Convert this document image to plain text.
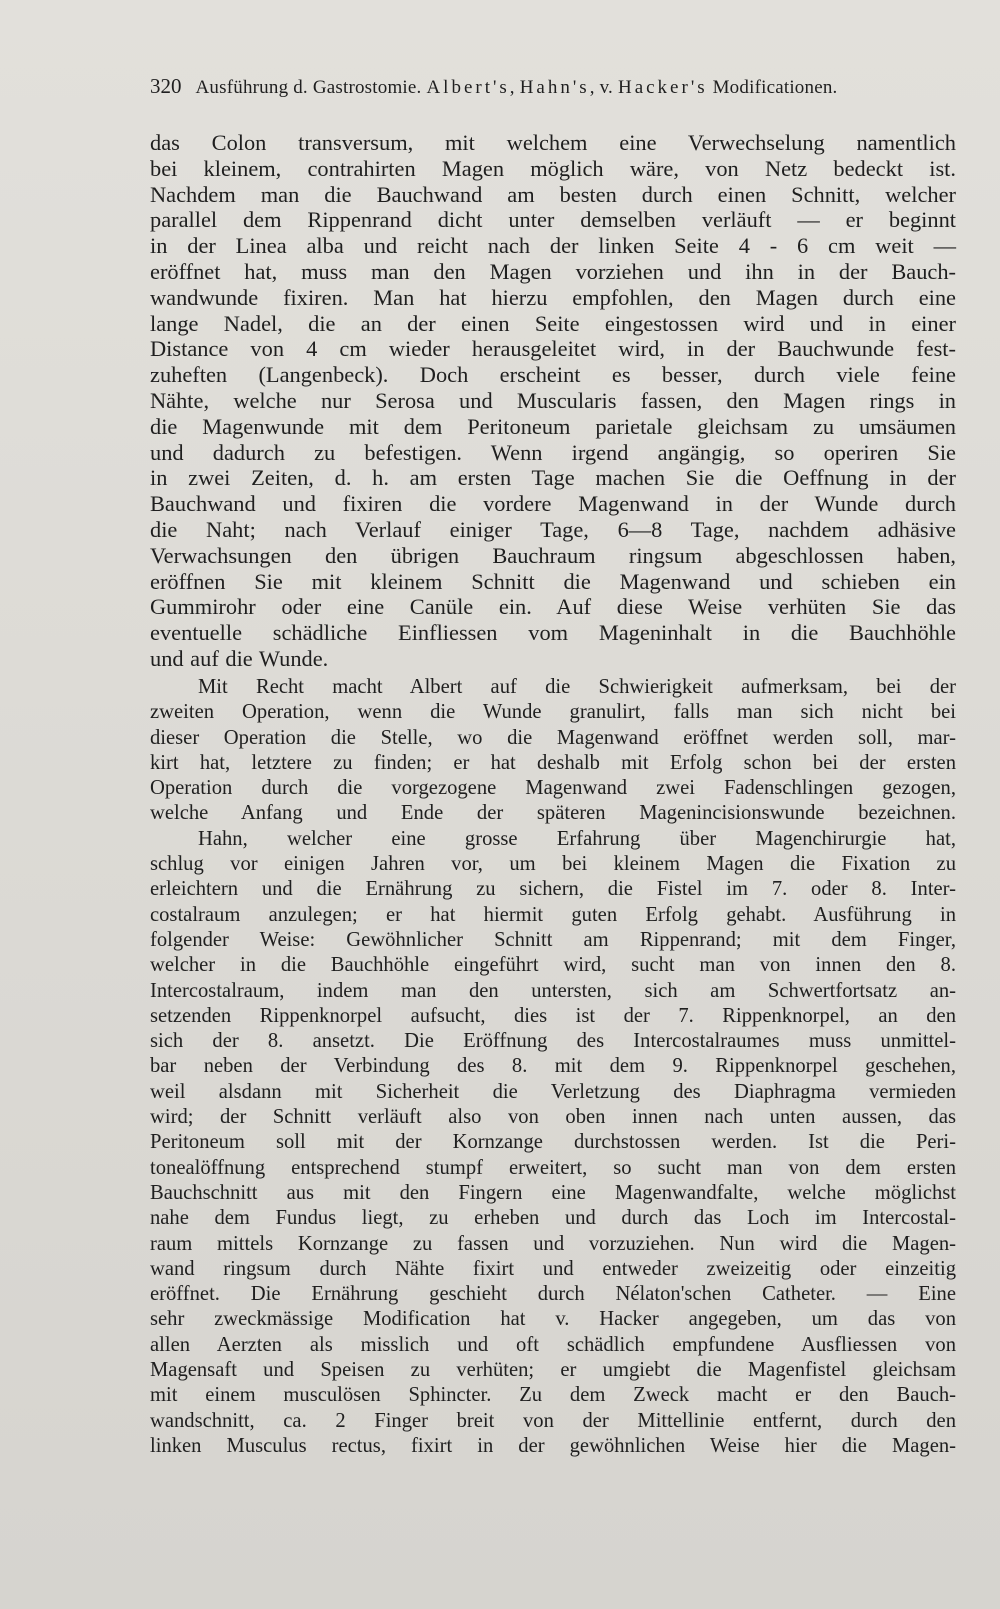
320 Ausführung d. Gastrostomie. Albert's, Hahn's, v. Hacker's Modificationen.
das Colon transversum, mit welchem eine Verwechselung namentlich
bei kleinem, contrahirten Magen möglich wäre, von Netz bedeckt ist.
Nachdem man die Bauchwand am besten durch einen Schnitt, welcher
parallel dem Rippenrand dicht unter demselben verläuft — er beginnt
in der Linea alba und reicht nach der linken Seite 4 - 6 cm weit —
eröffnet hat, muss man den Magen vorziehen und ihn in der Bauch-
wandwunde fixiren. Man hat hierzu empfohlen, den Magen durch eine
lange Nadel, die an der einen Seite eingestossen wird und in einer
Distance von 4 cm wieder herausgeleitet wird, in der Bauchwunde fest-
zuheften (Langenbeck). Doch erscheint es besser, durch viele feine
Nähte, welche nur Serosa und Muscularis fassen, den Magen rings in
die Magenwunde mit dem Peritoneum parietale gleichsam zu umsäumen
und dadurch zu befestigen. Wenn irgend angängig, so operiren Sie
in zwei Zeiten, d. h. am ersten Tage machen Sie die Oeffnung in der
Bauchwand und fixiren die vordere Magenwand in der Wunde durch
die Naht; nach Verlauf einiger Tage, 6—8 Tage, nachdem adhäsive
Verwachsungen den übrigen Bauchraum ringsum abgeschlossen haben,
eröffnen Sie mit kleinem Schnitt die Magenwand und schieben ein
Gummirohr oder eine Canüle ein. Auf diese Weise verhüten Sie das
eventuelle schädliche Einfliessen vom Mageninhalt in die Bauchhöhle
und auf die Wunde.
Mit Recht macht Albert auf die Schwierigkeit aufmerksam, bei der
zweiten Operation, wenn die Wunde granulirt, falls man sich nicht bei
dieser Operation die Stelle, wo die Magenwand eröffnet werden soll, mar-
kirt hat, letztere zu finden; er hat deshalb mit Erfolg schon bei der ersten
Operation durch die vorgezogene Magenwand zwei Fadenschlingen gezogen,
welche Anfang und Ende der späteren Magenincisionswunde bezeichnen.
Hahn, welcher eine grosse Erfahrung über Magenchirurgie hat,
schlug vor einigen Jahren vor, um bei kleinem Magen die Fixation zu
erleichtern und die Ernährung zu sichern, die Fistel im 7. oder 8. Inter-
costalraum anzulegen; er hat hiermit guten Erfolg gehabt. Ausführung in
folgender Weise: Gewöhnlicher Schnitt am Rippenrand; mit dem Finger,
welcher in die Bauchhöhle eingeführt wird, sucht man von innen den 8.
Intercostalraum, indem man den untersten, sich am Schwertfortsatz an-
setzenden Rippenknorpel aufsucht, dies ist der 7. Rippenknorpel, an den
sich der 8. ansetzt. Die Eröffnung des Intercostalraumes muss unmittel-
bar neben der Verbindung des 8. mit dem 9. Rippenknorpel geschehen,
weil alsdann mit Sicherheit die Verletzung des Diaphragma vermieden
wird; der Schnitt verläuft also von oben innen nach unten aussen, das
Peritoneum soll mit der Kornzange durchstossen werden. Ist die Peri-
tonealöffnung entsprechend stumpf erweitert, so sucht man von dem ersten
Bauchschnitt aus mit den Fingern eine Magenwandfalte, welche möglichst
nahe dem Fundus liegt, zu erheben und durch das Loch im Intercostal-
raum mittels Kornzange zu fassen und vorzuziehen. Nun wird die Magen-
wand ringsum durch Nähte fixirt und entweder zweizeitig oder einzeitig
eröffnet. Die Ernährung geschieht durch Nélaton'schen Catheter. — Eine
sehr zweckmässige Modification hat v. Hacker angegeben, um das von
allen Aerzten als misslich und oft schädlich empfundene Ausfliessen von
Magensaft und Speisen zu verhüten; er umgiebt die Magenfistel gleichsam
mit einem musculösen Sphincter. Zu dem Zweck macht er den Bauch-
wandschnitt, ca. 2 Finger breit von der Mittellinie entfernt, durch den
linken Musculus rectus, fixirt in der gewöhnlichen Weise hier die Magen-
